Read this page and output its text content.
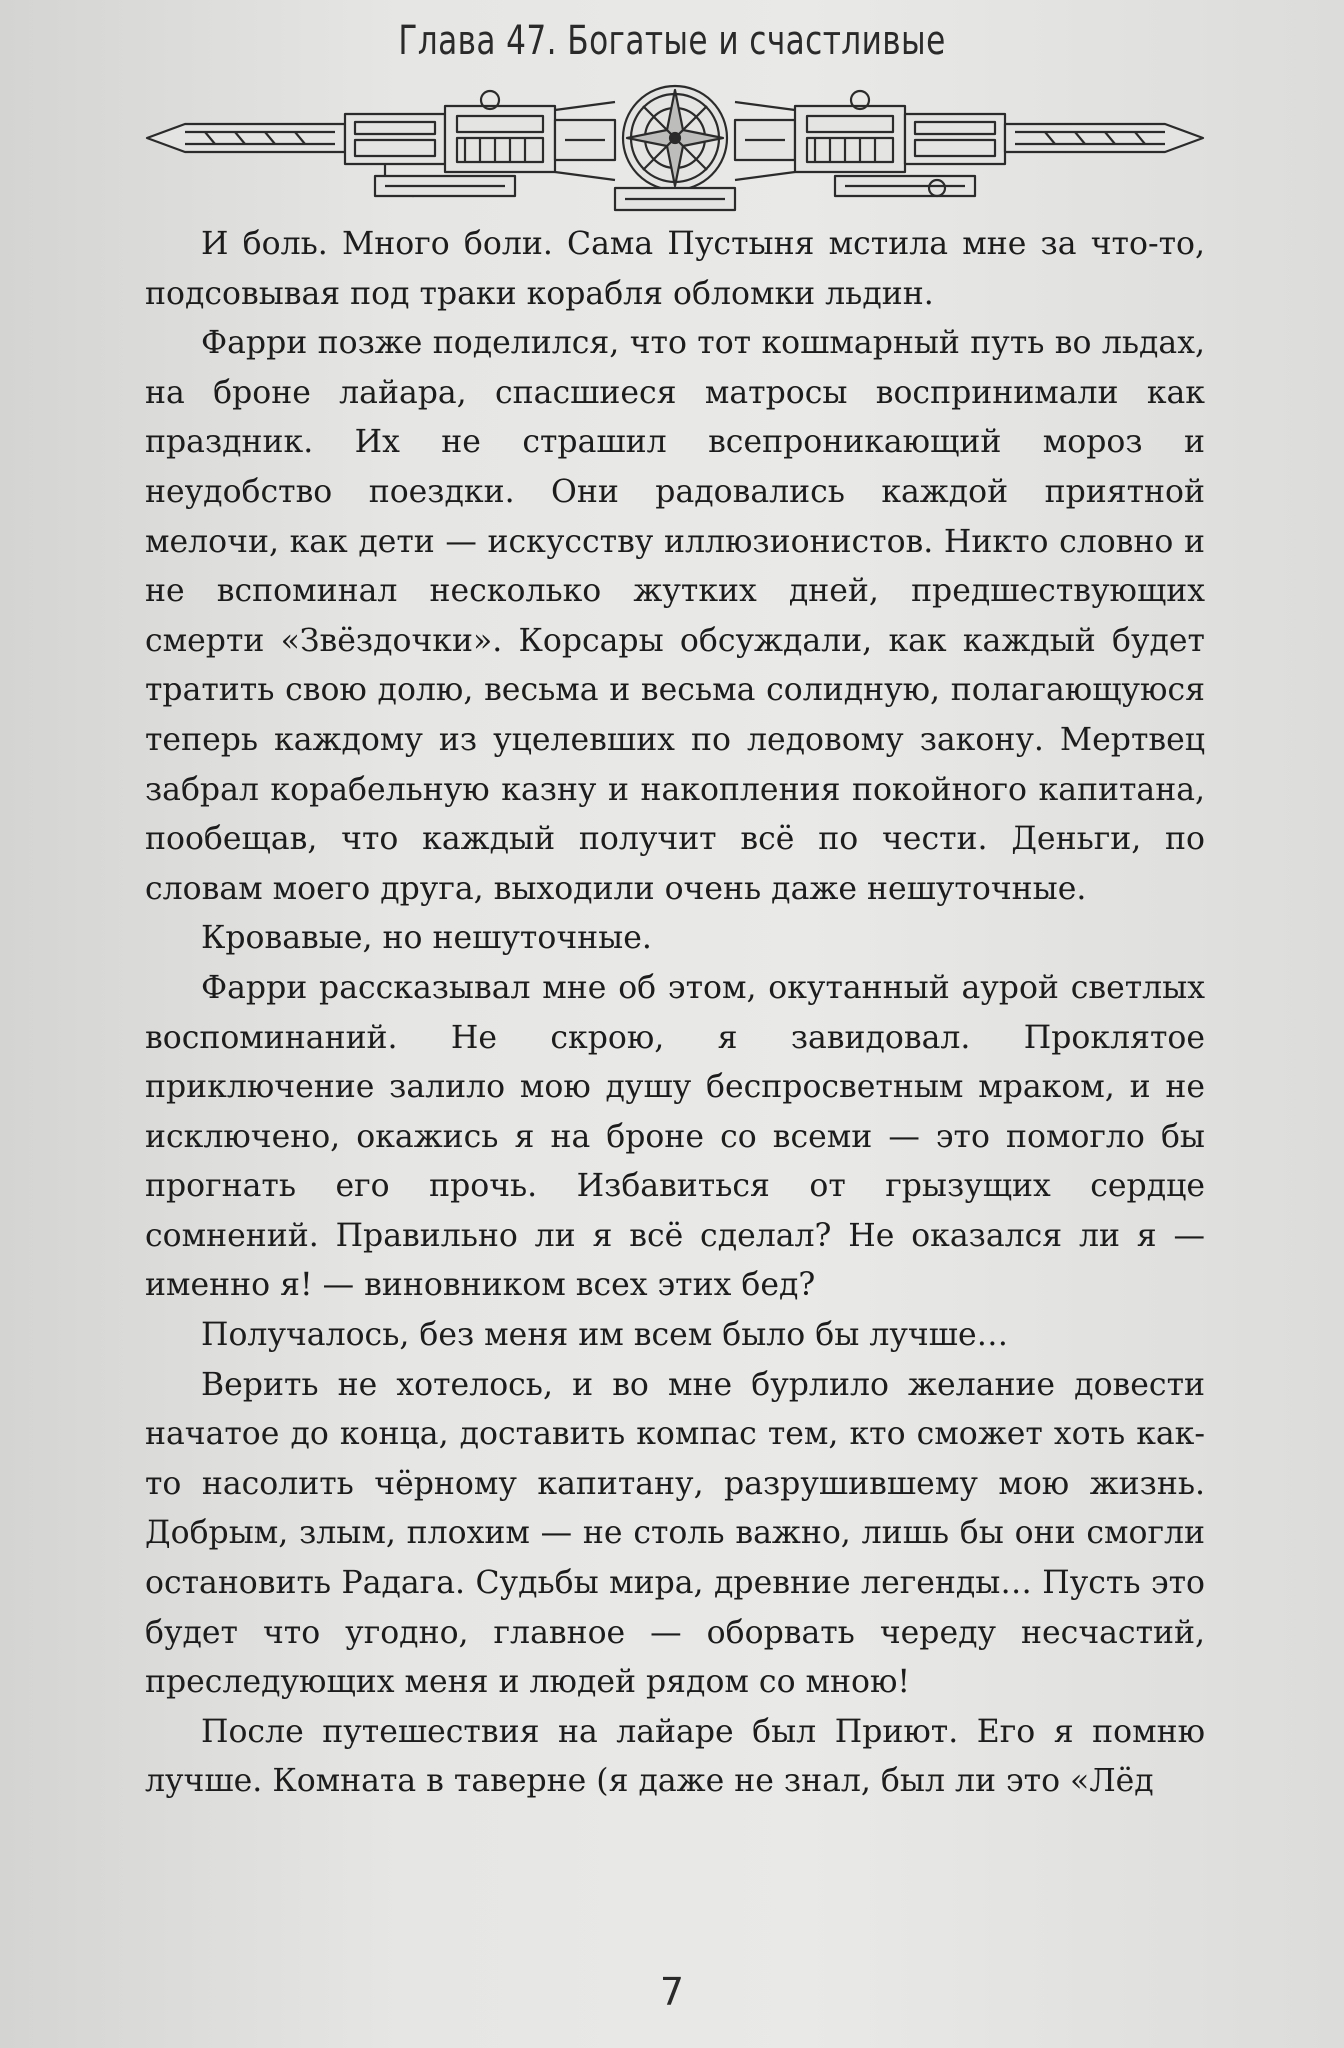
Глава 47. Богатые и счастливые

И боль. Много боли. Сама Пустыня мстила мне за что-то, подсовывая под траки корабля обломки льдин.

Фарри позже поделился, что тот кошмарный путь во льдах, на броне лайара, спасшиеся матросы воспринимали как праздник. Их не страшил всепроникающий мороз и неудобство поездки. Они радовались каждой приятной мелочи, как дети — искусству иллюзионистов. Никто словно и не вспоминал несколько жутких дней, предшествующих смерти «Звёздочки». Корсары обсуждали, как каждый будет тратить свою долю, весьма и весьма солидную, полагающуюся теперь каждому из уцелевших по ледовому закону. Мертвец забрал корабельную казну и накопления покойного капитана, пообещав, что каждый получит всё по чести. Деньги, по словам моего друга, выходили очень даже нешуточные.

Кровавые, но нешуточные.

Фарри рассказывал мне об этом, окутанный аурой светлых воспоминаний. Не скрою, я завидовал. Проклятое приключение залило мою душу беспросветным мраком, и не исключено, окажись я на броне со всеми — это помогло бы прогнать его прочь. Избавиться от грызущих сердце сомнений. Правильно ли я всё сделал? Не оказался ли я — именно я! — виновником всех этих бед?

Получалось, без меня им всем было бы лучше…

Верить не хотелось, и во мне бурлило желание довести начатое до конца, доставить компас тем, кто сможет хоть как-то насолить чёрному капитану, разрушившему мою жизнь. Добрым, злым, плохим — не столь важно, лишь бы они смогли остановить Радага. Судьбы мира, древние легенды… Пусть это будет что угодно, главное — оборвать череду несчастий, преследующих меня и людей рядом со мною!

После путешествия на лайаре был Приют. Его я помню лучше. Комната в таверне (я даже не знал, был ли это «Лёд

7
